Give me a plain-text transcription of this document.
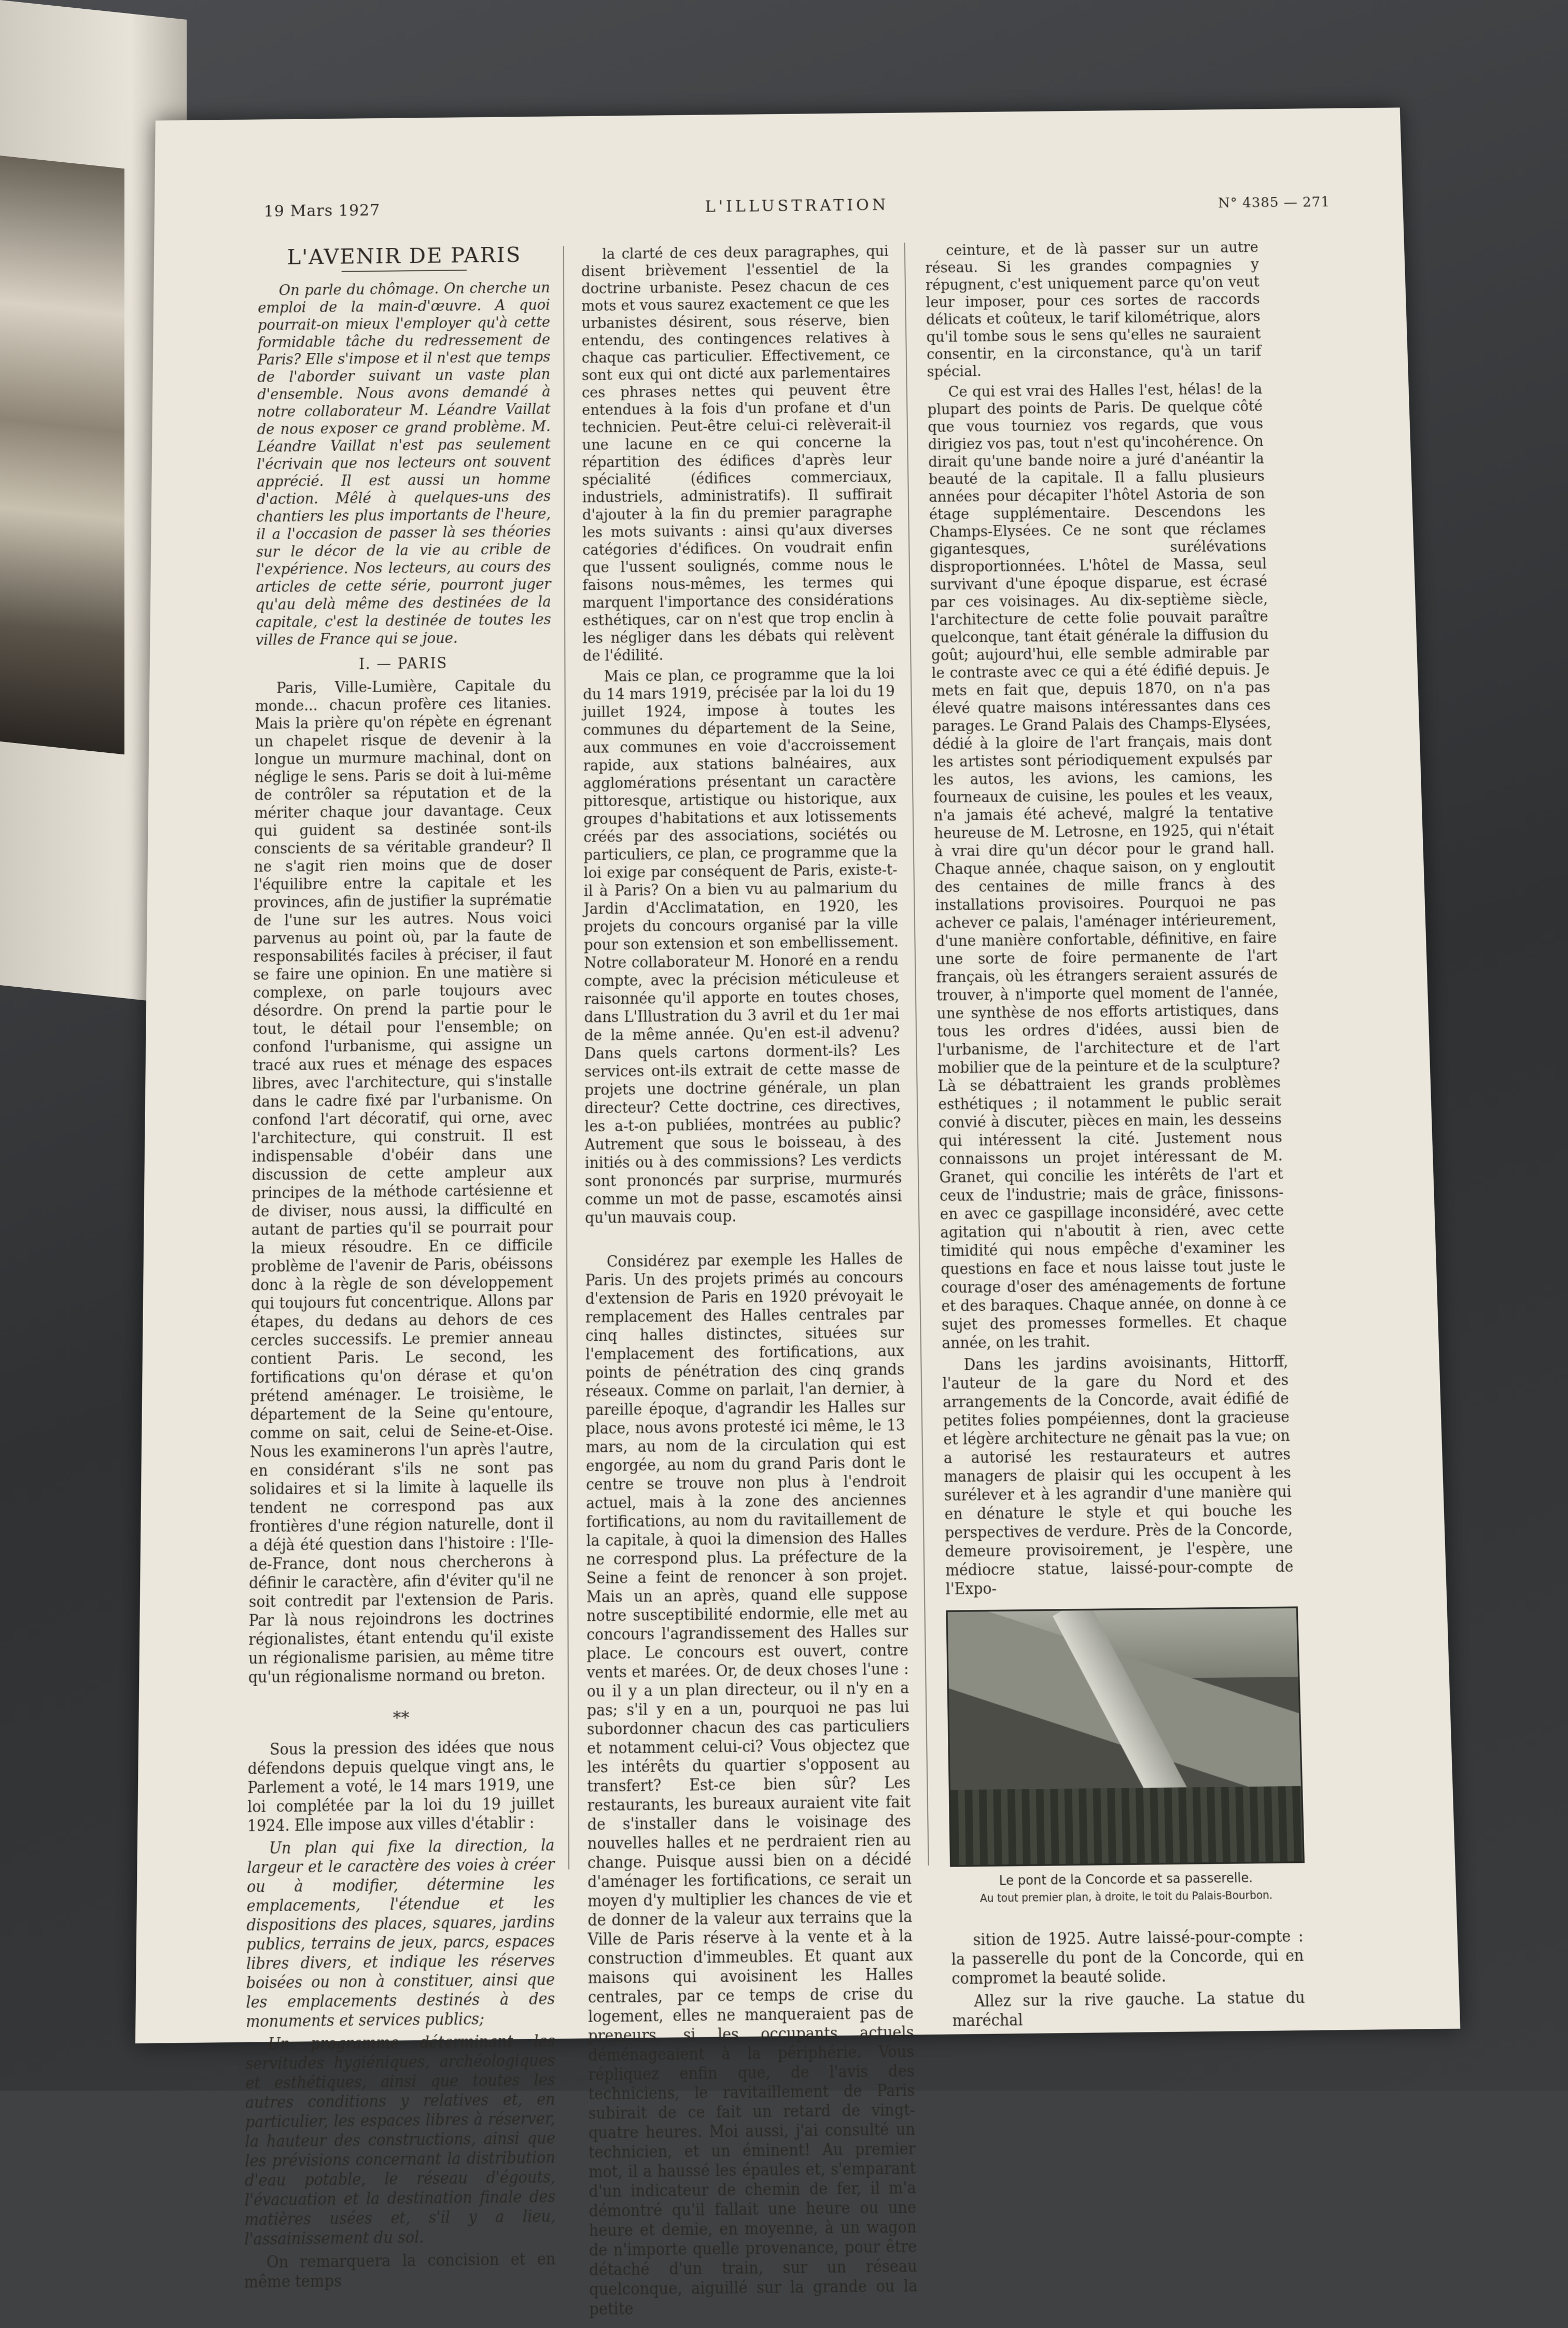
19 Mars 1927	L'ILLUSTRATION	N° 4385 — 271
L'AVENIR DE PARIS

On parle du chômage. On cherche un emploi de la main-d'œuvre. A quoi pourrait-on mieux l'employer qu'à cette formidable tâche du redressement de Paris? Elle s'impose et il n'est que temps de l'aborder suivant un vaste plan d'ensemble. Nous avons demandé à notre collaborateur M. Léandre Vaillat de nous exposer ce grand problème. M. Léandre Vaillat n'est pas seulement l'écrivain que nos lecteurs ont souvent apprécié. Il est aussi un homme d'action. Mêlé à quelques-uns des chantiers les plus importants de l'heure, il a l'occasion de passer là ses théories sur le décor de la vie au crible de l'expérience. Nos lecteurs, au cours des articles de cette série, pourront juger qu'au delà même des destinées de la capitale, c'est la destinée de toutes les villes de France qui se joue.

I. — PARIS

Paris, Ville-Lumière, Capitale du monde... chacun profère ces litanies. Mais la prière qu'on répète en égrenant un chapelet risque de devenir à la longue un murmure machinal, dont on néglige le sens. Paris se doit à lui-même de contrôler sa réputation et de la mériter chaque jour davantage. Ceux qui guident sa destinée sont-ils conscients de sa véritable grandeur? Il ne s'agit rien moins que de doser l'équilibre entre la capitale et les provinces, afin de justifier la suprématie de l'une sur les autres. Nous voici parvenus au point où, par la faute de responsabilités faciles à préciser, il faut se faire une opinion. En une matière si complexe, on parle toujours avec désordre. On prend la partie pour le tout, le détail pour l'ensemble; on confond l'urbanisme, qui assigne un tracé aux rues et ménage des espaces libres, avec l'architecture, qui s'installe dans le cadre fixé par l'urbanisme. On confond l'art décoratif, qui orne, avec l'architecture, qui construit. Il est indispensable d'obéir dans une discussion de cette ampleur aux principes de la méthode cartésienne et de diviser, nous aussi, la difficulté en autant de parties qu'il se pourrait pour la mieux résoudre. En ce difficile problème de l'avenir de Paris, obéissons donc à la règle de son développement qui toujours fut concentrique. Allons par étapes, du dedans au dehors de ces cercles successifs. Le premier anneau contient Paris. Le second, les fortifications qu'on dérase et qu'on prétend aménager. Le troisième, le département de la Seine qu'entoure, comme on sait, celui de Seine-et-Oise. Nous les examinerons l'un après l'autre, en considérant s'ils ne sont pas solidaires et si la limite à laquelle ils tendent ne correspond pas aux frontières d'une région naturelle, dont il a déjà été question dans l'histoire : l'Ile-de-France, dont nous chercherons à définir le caractère, afin d'éviter qu'il ne soit contredit par l'extension de Paris. Par là nous rejoindrons les doctrines régionalistes, étant entendu qu'il existe un régionalisme parisien, au même titre qu'un régionalisme normand ou breton.

**

Sous la pression des idées que nous défendons depuis quelque vingt ans, le Parlement a voté, le 14 mars 1919, une loi complétée par la loi du 19 juillet 1924. Elle impose aux villes d'établir :

Un plan qui fixe la direction, la largeur et le caractère des voies à créer ou à modifier, détermine les emplacements, l'étendue et les dispositions des places, squares, jardins publics, terrains de jeux, parcs, espaces libres divers, et indique les réserves boisées ou non à constituer, ainsi que les emplacements destinés à des monuments et services publics;

Un programme déterminant les servitudes hygiéniques, archéologiques et esthétiques, ainsi que toutes les autres conditions y relatives et, en particulier, les espaces libres à réserver, la hauteur des constructions, ainsi que les prévisions concernant la distribution d'eau potable, le réseau d'égouts, l'évacuation et la destination finale des matières usées et, s'il y a lieu, l'assainissement du sol.

On remarquera la concision et en même temps

la clarté de ces deux paragraphes, qui disent brièvement l'essentiel de la doctrine urbaniste. Pesez chacun de ces mots et vous saurez exactement ce que les urbanistes désirent, sous réserve, bien entendu, des contingences relatives à chaque cas particulier. Effectivement, ce sont eux qui ont dicté aux parlementaires ces phrases nettes qui peuvent être entendues à la fois d'un profane et d'un technicien. Peut-être celui-ci relèverait-il une lacune en ce qui concerne la répartition des édifices d'après leur spécialité (édifices commerciaux, industriels, administratifs). Il suffirait d'ajouter à la fin du premier paragraphe les mots suivants : ainsi qu'aux diverses catégories d'édifices. On voudrait enfin que l'ussent soulignés, comme nous le faisons nous-mêmes, les termes qui marquent l'importance des considérations esthétiques, car on n'est que trop enclin à les négliger dans les débats qui relèvent de l'édilité.

Mais ce plan, ce programme que la loi du 14 mars 1919, précisée par la loi du 19 juillet 1924, impose à toutes les communes du département de la Seine, aux communes en voie d'accroissement rapide, aux stations balnéaires, aux agglomérations présentant un caractère pittoresque, artistique ou historique, aux groupes d'habitations et aux lotissements créés par des associations, sociétés ou particuliers, ce plan, ce programme que la loi exige par conséquent de Paris, existe-t-il à Paris? On a bien vu au palmarium du Jardin d'Acclimatation, en 1920, les projets du concours organisé par la ville pour son extension et son embellissement. Notre collaborateur M. Honoré en a rendu compte, avec la précision méticuleuse et raisonnée qu'il apporte en toutes choses, dans L'Illustration du 3 avril et du 1er mai de la même année. Qu'en est-il advenu? Dans quels cartons dorment-ils? Les services ont-ils extrait de cette masse de projets une doctrine générale, un plan directeur? Cette doctrine, ces directives, les a-t-on publiées, montrées au public? Autrement que sous le boisseau, à des initiés ou à des commissions? Les verdicts sont prononcés par surprise, murmurés comme un mot de passe, escamotés ainsi qu'un mauvais coup.

Considérez par exemple les Halles de Paris. Un des projets primés au concours d'extension de Paris en 1920 prévoyait le remplacement des Halles centrales par cinq halles distinctes, situées sur l'emplacement des fortifications, aux points de pénétration des cinq grands réseaux. Comme on parlait, l'an dernier, à pareille époque, d'agrandir les Halles sur place, nous avons protesté ici même, le 13 mars, au nom de la circulation qui est engorgée, au nom du grand Paris dont le centre se trouve non plus à l'endroit actuel, mais à la zone des anciennes fortifications, au nom du ravitaillement de la capitale, à quoi la dimension des Halles ne correspond plus. La préfecture de la Seine a feint de renoncer à son projet. Mais un an après, quand elle suppose notre susceptibilité endormie, elle met au concours l'agrandissement des Halles sur place. Le concours est ouvert, contre vents et marées. Or, de deux choses l'une : ou il y a un plan directeur, ou il n'y en a pas; s'il y en a un, pourquoi ne pas lui subordonner chacun des cas particuliers et notamment celui-ci? Vous objectez que les intérêts du quartier s'opposent au transfert? Est-ce bien sûr? Les restaurants, les bureaux auraient vite fait de s'installer dans le voisinage des nouvelles halles et ne perdraient rien au change. Puisque aussi bien on a décidé d'aménager les fortifications, ce serait un moyen d'y multiplier les chances de vie et de donner de la valeur aux terrains que la Ville de Paris réserve à la vente et à la construction d'immeubles. Et quant aux maisons qui avoisinent les Halles centrales, par ce temps de crise du logement, elles ne manqueraient pas de preneurs, si les occupants actuels déménageaient à la périphérie. Vous répliquez enfin que, de l'avis des techniciens, le ravitaillement de Paris subirait de ce fait un retard de vingt-quatre heures. Moi aussi, j'ai consulté un technicien, et un éminent! Au premier mot, il a haussé les épaules et, s'emparant d'un indicateur de chemin de fer, il m'a démontré qu'il fallait une heure ou une heure et demie, en moyenne, à un wagon de n'importe quelle provenance, pour être détaché d'un train, sur un réseau quelconque, aiguillé sur la grande ou la petite

ceinture, et de là passer sur un autre réseau. Si les grandes compagnies y répugnent, c'est uniquement parce qu'on veut leur imposer, pour ces sortes de raccords délicats et coûteux, le tarif kilométrique, alors qu'il tombe sous le sens qu'elles ne sauraient consentir, en la circonstance, qu'à un tarif spécial.

Ce qui est vrai des Halles l'est, hélas! de la plupart des points de Paris. De quelque côté que vous tourniez vos regards, que vous dirigiez vos pas, tout n'est qu'incohérence. On dirait qu'une bande noire a juré d'anéantir la beauté de la capitale. Il a fallu plusieurs années pour décapiter l'hôtel Astoria de son étage supplémentaire. Descendons les Champs-Elysées. Ce ne sont que réclames gigantesques, surélévations disproportionnées. L'hôtel de Massa, seul survivant d'une époque disparue, est écrasé par ces voisinages. Au dix-septième siècle, l'architecture de cette folie pouvait paraître quelconque, tant était générale la diffusion du goût; aujourd'hui, elle semble admirable par le contraste avec ce qui a été édifié depuis. Je mets en fait que, depuis 1870, on n'a pas élevé quatre maisons intéressantes dans ces parages. Le Grand Palais des Champs-Elysées, dédié à la gloire de l'art français, mais dont les artistes sont périodiquement expulsés par les autos, les avions, les camions, les fourneaux de cuisine, les poules et les veaux, n'a jamais été achevé, malgré la tentative heureuse de M. Letrosne, en 1925, qui n'était à vrai dire qu'un décor pour le grand hall. Chaque année, chaque saison, on y engloutit des centaines de mille francs à des installations provisoires. Pourquoi ne pas achever ce palais, l'aménager intérieurement, d'une manière confortable, définitive, en faire une sorte de foire permanente de l'art français, où les étrangers seraient assurés de trouver, à n'importe quel moment de l'année, une synthèse de nos efforts artistiques, dans tous les ordres d'idées, aussi bien de l'urbanisme, de l'architecture et de l'art mobilier que de la peinture et de la sculpture? Là se débattraient les grands problèmes esthétiques ; il notamment le public serait convié à discuter, pièces en main, les desseins qui intéressent la cité. Justement nous connaissons un projet intéressant de M. Granet, qui concilie les intérêts de l'art et ceux de l'industrie; mais de grâce, finissons-en avec ce gaspillage inconsidéré, avec cette agitation qui n'aboutit à rien, avec cette timidité qui nous empêche d'examiner les questions en face et nous laisse tout juste le courage d'oser des aménagements de fortune et des baraques. Chaque année, on donne à ce sujet des promesses formelles. Et chaque année, on les trahit.

Dans les jardins avoisinants, Hittorff, l'auteur de la gare du Nord et des arrangements de la Concorde, avait édifié de petites folies pompéiennes, dont la gracieuse et légère architecture ne gênait pas la vue; on a autorisé les restaurateurs et autres managers de plaisir qui les occupent à les surélever et à les agrandir d'une manière qui en dénature le style et qui bouche les perspectives de verdure. Près de la Concorde, demeure provisoirement, je l'espère, une médiocre statue, laissé-pour-compte de l'Expo-

Le pont de la Concorde et sa passerelle.
Au tout premier plan, à droite, le toit du Palais-Bourbon.

sition de 1925. Autre laissé-pour-compte : la passerelle du pont de la Concorde, qui en compromet la beauté solide.

Allez sur la rive gauche. La statue du maréchal
